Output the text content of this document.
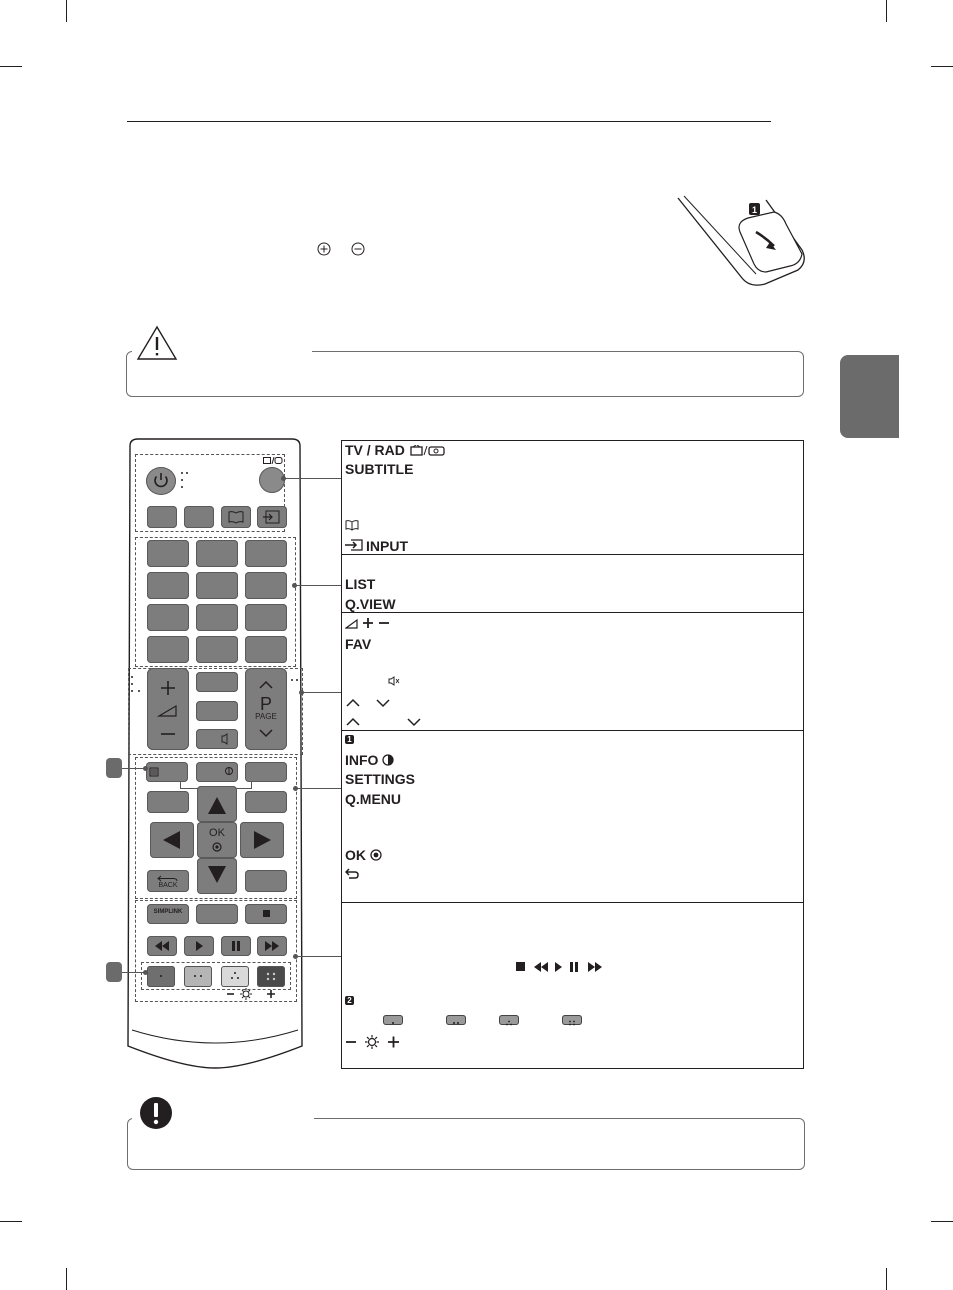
1
P
PAGE
OK
BACK
SIMPLINK
TV / RAD
SUBTITLE
INPUT
LIST
Q.VIEW
FAV
1
INFO
SETTINGS
Q.MENU
OK
2
